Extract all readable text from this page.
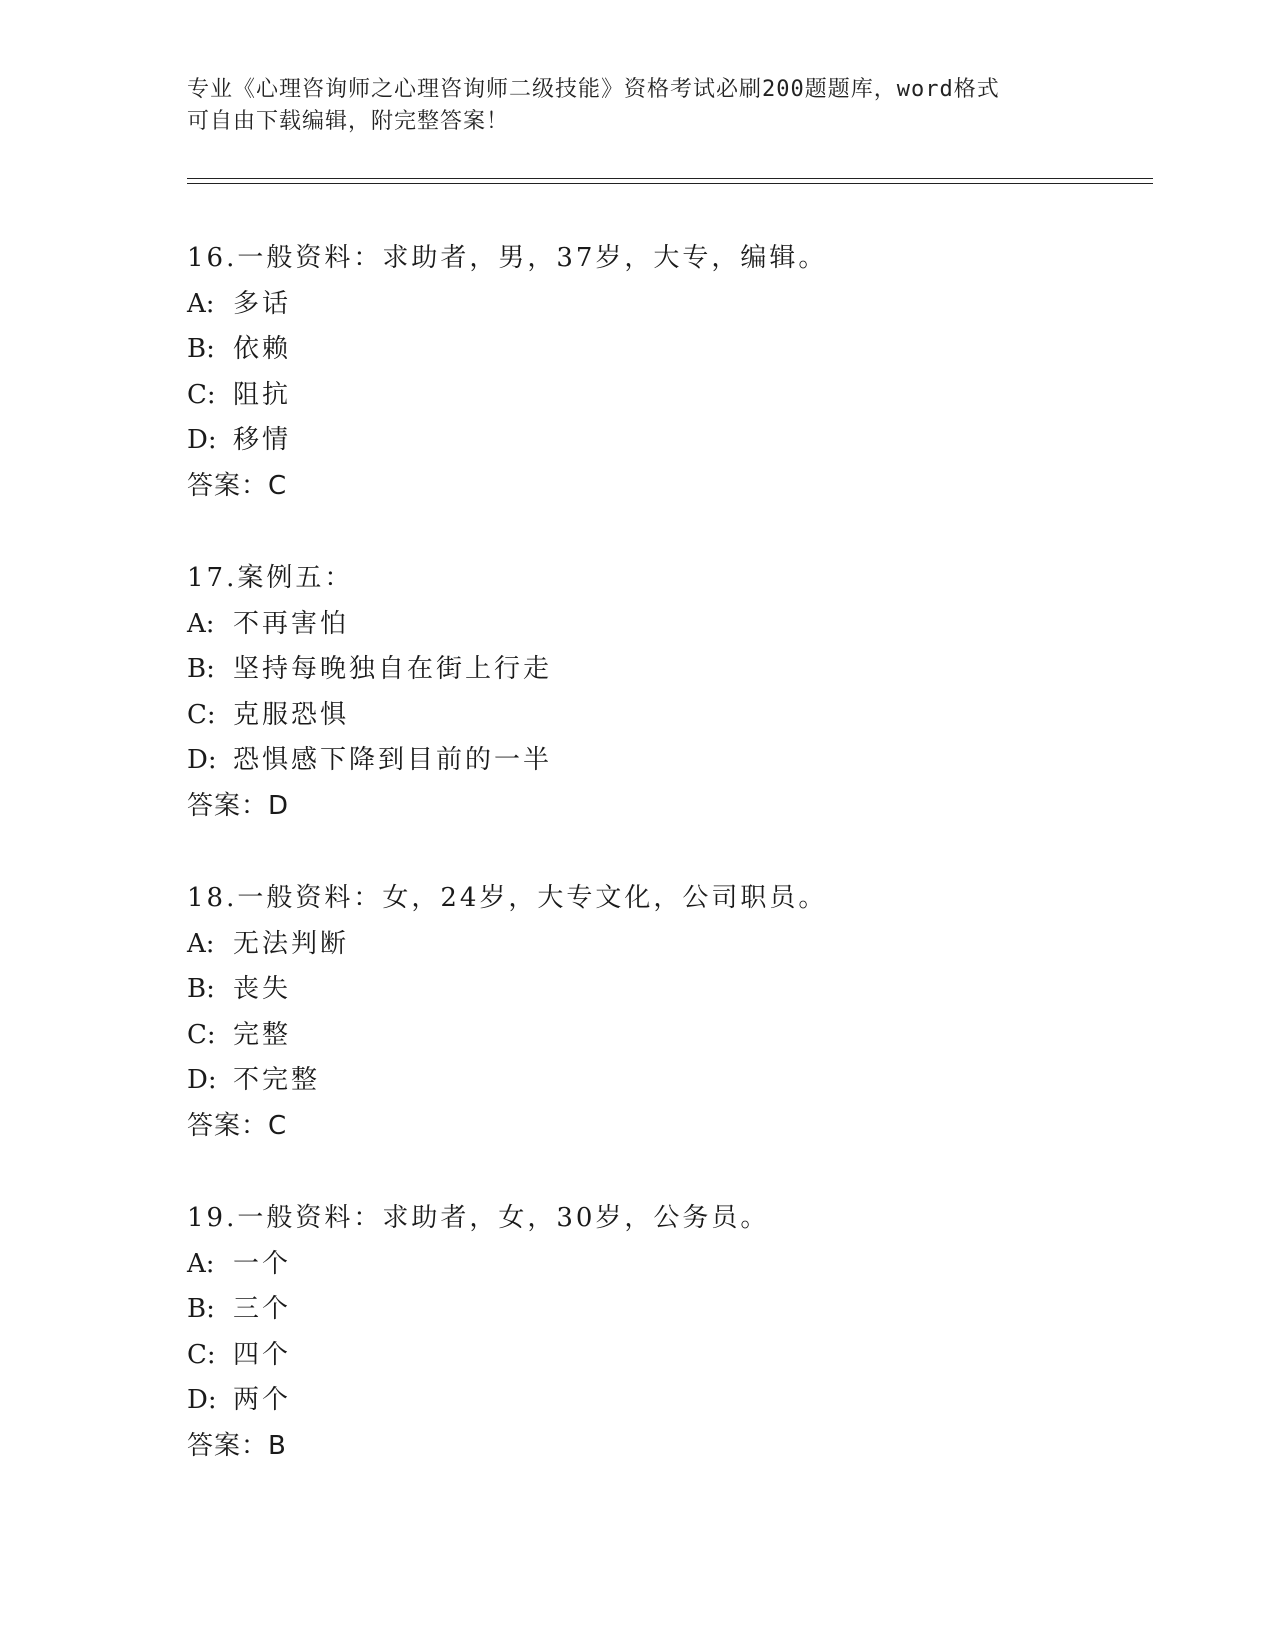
专业《心理咨询师之心理咨询师二级技能》资格考试必刷200题题库，word格式
可自由下载编辑，附完整答案！
16.一般资料：求助者，男，37岁，大专，编辑。
A: 多话
B: 依赖
C: 阻抗
D: 移情
答案：C
17.案例五：
A: 不再害怕
B: 坚持每晚独自在街上行走
C: 克服恐惧
D: 恐惧感下降到目前的一半
答案：D
18.一般资料：女，24岁，大专文化，公司职员。
A: 无法判断
B: 丧失
C: 完整
D: 不完整
答案：C
19.一般资料：求助者，女，30岁，公务员。
A: 一个
B: 三个
C: 四个
D: 两个
答案：B
